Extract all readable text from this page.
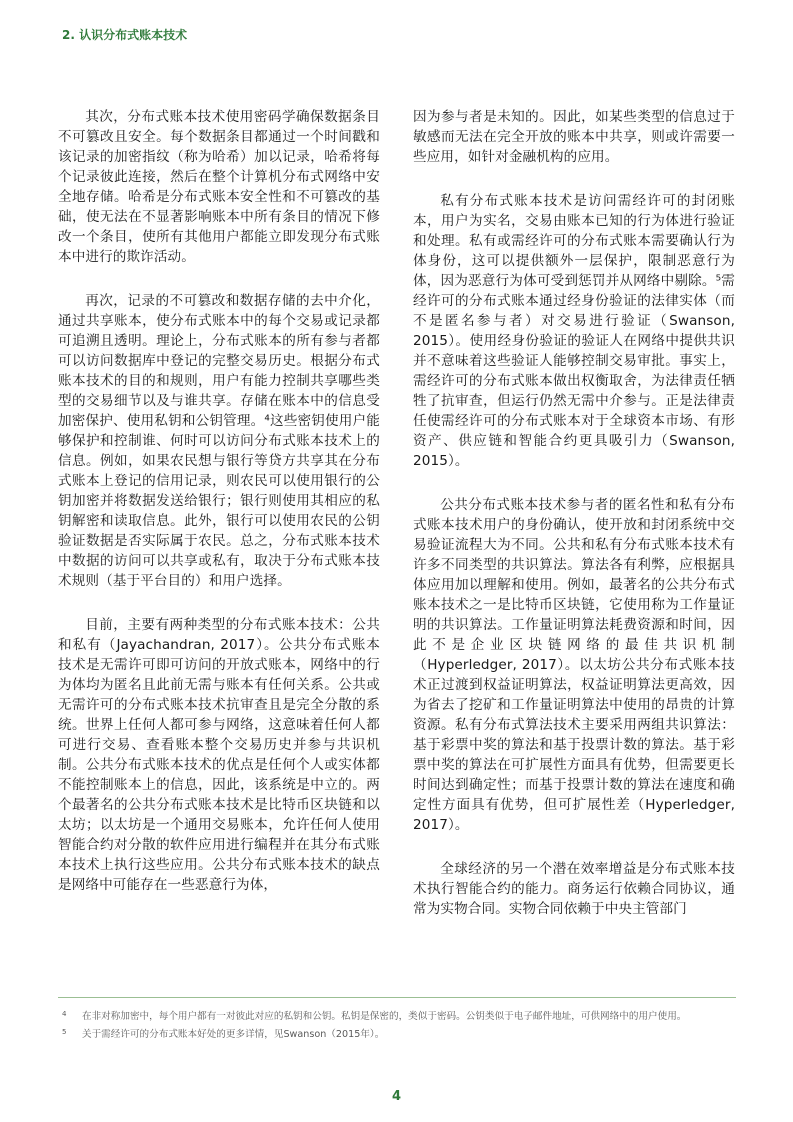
2. 认识分布式账本技术

其次，分布式账本技术使用密码学确保数据条目不可篡改且安全。每个数据条目都通过一个时间戳和该记录的加密指纹（称为哈希）加以记录，哈希将每个记录彼此连接，然后在整个计算机分布式网络中安全地存储。哈希是分布式账本安全性和不可篡改的基础，使无法在不显著影响账本中所有条目的情况下修改一个条目，使所有其他用户都能立即发现分布式账本中进行的欺诈活动。

再次，记录的不可篡改和数据存储的去中介化，通过共享账本，使分布式账本中的每个交易或记录都可追溯且透明。理论上，分布式账本的所有参与者都可以访问数据库中登记的完整交易历史。根据分布式账本技术的目的和规则，用户有能力控制共享哪些类型的交易细节以及与谁共享。存储在账本中的信息受加密保护、使用私钥和公钥管理。⁴这些密钥使用户能够保护和控制谁、何时可以访问分布式账本技术上的信息。例如，如果农民想与银行等贷方共享其在分布式账本上登记的信用记录，则农民可以使用银行的公钥加密并将数据发送给银行；银行则使用其相应的私钥解密和读取信息。此外，银行可以使用农民的公钥验证数据是否实际属于农民。总之，分布式账本技术中数据的访问可以共享或私有，取决于分布式账本技术规则（基于平台目的）和用户选择。

目前，主要有两种类型的分布式账本技术：公共和私有（Jayachandran, 2017）。公共分布式账本技术是无需许可即可访问的开放式账本，网络中的行为体均为匿名且此前无需与账本有任何关系。公共或无需许可的分布式账本技术抗审查且是完全分散的系统。世界上任何人都可参与网络，这意味着任何人都可进行交易、查看账本整个交易历史并参与共识机制。公共分布式账本技术的优点是任何个人或实体都不能控制账本上的信息，因此，该系统是中立的。两个最著名的公共分布式账本技术是比特币区块链和以太坊；以太坊是一个通用交易账本，允许任何人使用智能合约对分散的软件应用进行编程并在其分布式账本技术上执行这些应用。公共分布式账本技术的缺点是网络中可能存在一些恶意行为体，

因为参与者是未知的。因此，如某些类型的信息过于敏感而无法在完全开放的账本中共享，则或许需要一些应用，如针对金融机构的应用。

私有分布式账本技术是访问需经许可的封闭账本，用户为实名，交易由账本已知的行为体进行验证和处理。私有或需经许可的分布式账本需要确认行为体身份，这可以提供额外一层保护，限制恶意行为体，因为恶意行为体可受到惩罚并从网络中剔除。⁵需经许可的分布式账本通过经身份验证的法律实体（而不是匿名参与者）对交易进行验证（Swanson, 2015）。使用经身份验证的验证人在网络中提供共识并不意味着这些验证人能够控制交易审批。事实上，需经许可的分布式账本做出权衡取舍，为法律责任牺牲了抗审查，但运行仍然无需中介参与。正是法律责任使需经许可的分布式账本对于全球资本市场、有形资产、供应链和智能合约更具吸引力（Swanson, 2015）。

公共分布式账本技术参与者的匿名性和私有分布式账本技术用户的身份确认，使开放和封闭系统中交易验证流程大为不同。公共和私有分布式账本技术有许多不同类型的共识算法。算法各有利弊，应根据具体应用加以理解和使用。例如，最著名的公共分布式账本技术之一是比特币区块链，它使用称为工作量证明的共识算法。工作量证明算法耗费资源和时间，因此不是企业区块链网络的最佳共识机制（Hyperledger, 2017）。以太坊公共分布式账本技术正过渡到权益证明算法，权益证明算法更高效，因为省去了挖矿和工作量证明算法中使用的昂贵的计算资源。私有分布式算法技术主要采用两组共识算法：基于彩票中奖的算法和基于投票计数的算法。基于彩票中奖的算法在可扩展性方面具有优势，但需要更长时间达到确定性；而基于投票计数的算法在速度和确定性方面具有优势，但可扩展性差（Hyperledger, 2017）。

全球经济的另一个潜在效率增益是分布式账本技术执行智能合约的能力。商务运行依赖合同协议，通常为实物合同。实物合同依赖于中央主管部门

4 在非对称加密中，每个用户都有一对彼此对应的私钥和公钥。私钥是保密的，类似于密码。公钥类似于电子邮件地址，可供网络中的用户使用。
5 关于需经许可的分布式账本好处的更多详情，见Swanson（2015年）。
4
